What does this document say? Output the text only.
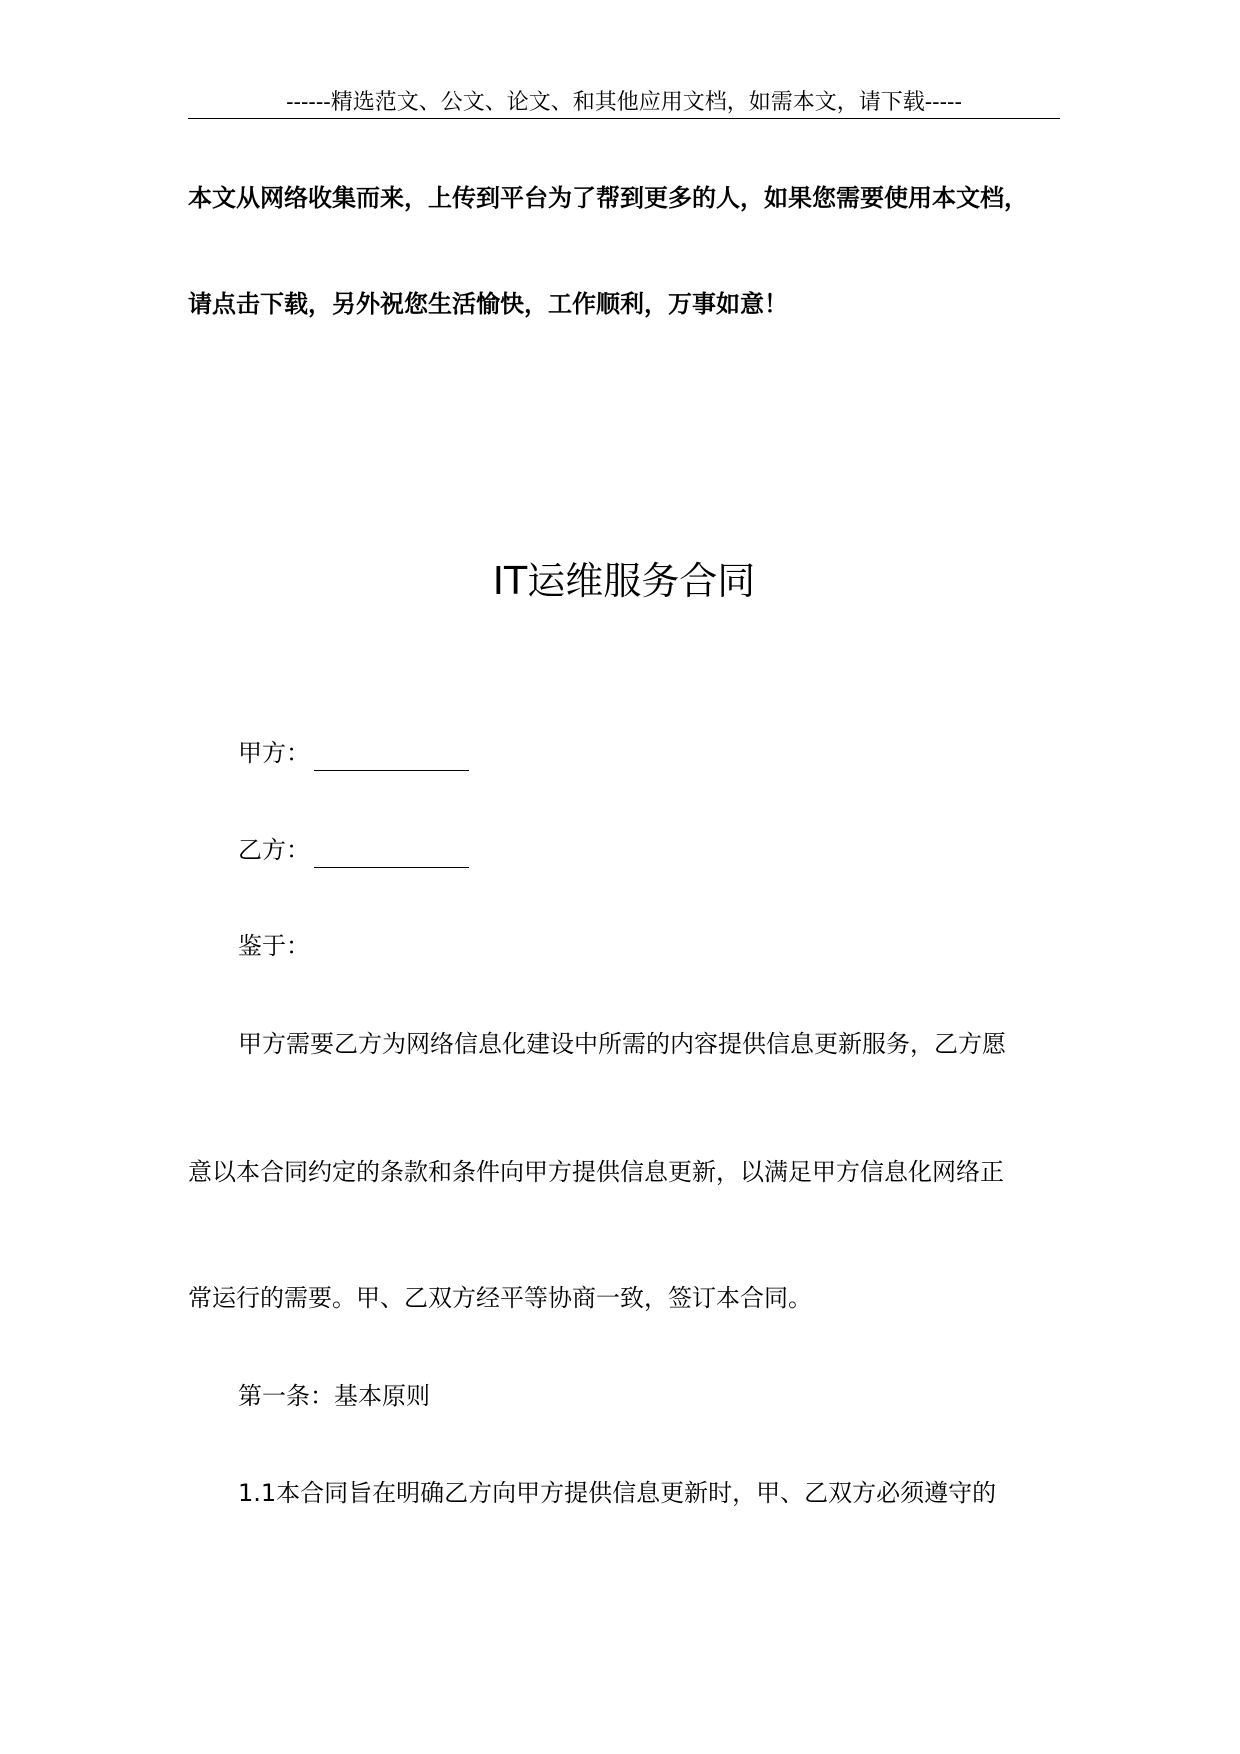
------精选范文、公文、论文、和其他应用文档，如需本文，请下载-----
本文从网络收集而来，上传到平台为了帮到更多的人，如果您需要使用本文档，
请点击下载，另外祝您生活愉快，工作顺利，万事如意！
IT运维服务合同
甲方：
乙方：
鉴于：
甲方需要乙方为网络信息化建设中所需的内容提供信息更新服务，乙方愿
意以本合同约定的条款和条件向甲方提供信息更新，以满足甲方信息化网络正
常运行的需要。甲、乙双方经平等协商一致，签订本合同。
第一条：基本原则
1.1本合同旨在明确乙方向甲方提供信息更新时，甲、乙双方必须遵守的
